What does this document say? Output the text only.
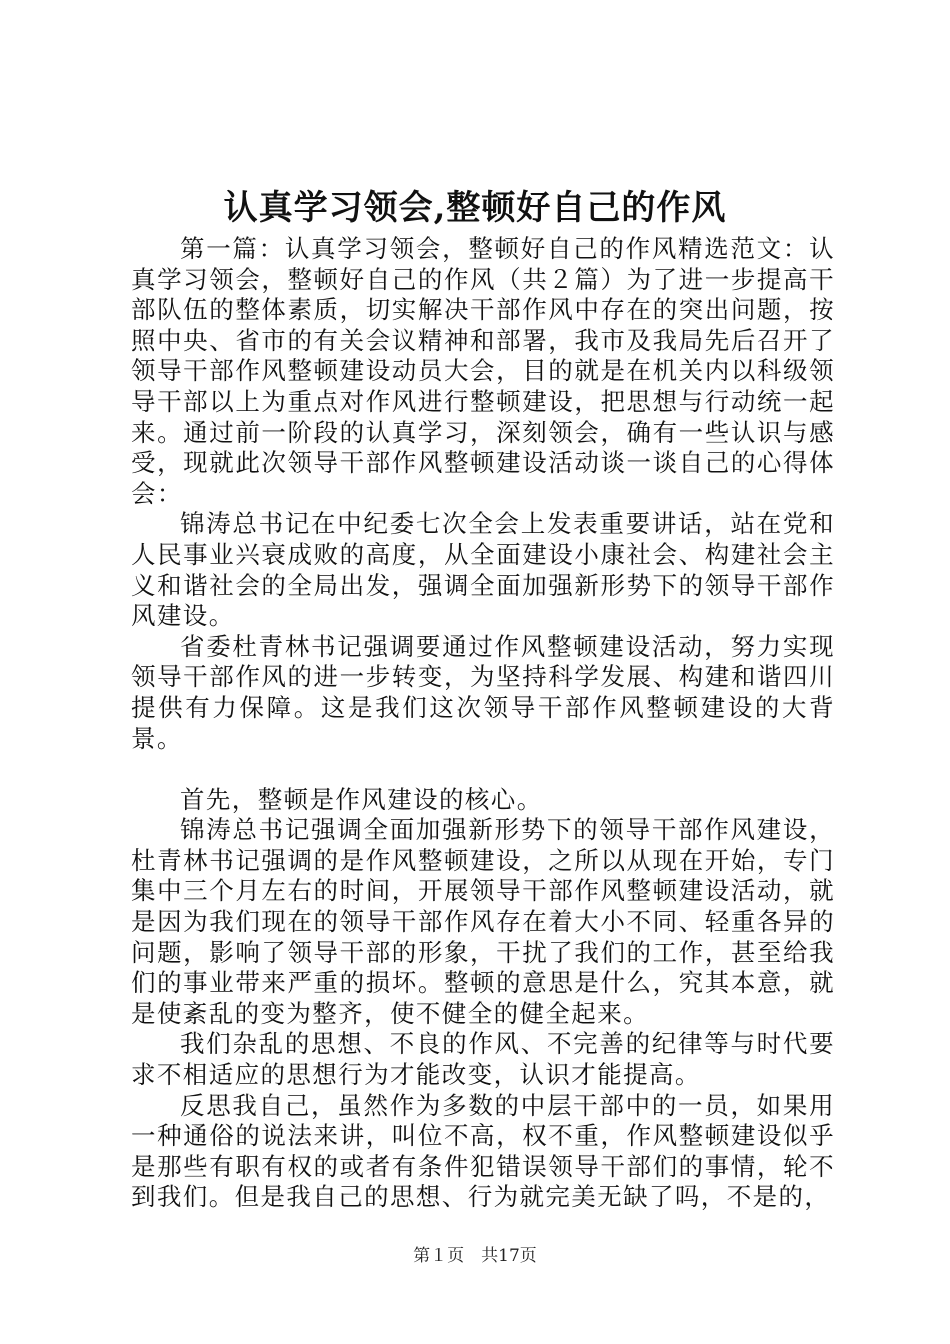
认真学习领会,整顿好自己的作风

第一篇：认真学习领会，整顿好自己的作风精选范文：认真学习领会，整顿好自己的作风（共２篇）为了进一步提高干部队伍的整体素质，切实解决干部作风中存在的突出问题，按照中央、省市的有关会议精神和部署，我市及我局先后召开了领导干部作风整顿建设动员大会，目的就是在机关内以科级领导干部以上为重点对作风进行整顿建设，把思想与行动统一起来。通过前一阶段的认真学习，深刻领会，确有一些认识与感受，现就此次领导干部作风整顿建设活动谈一谈自己的心得体会：

锦涛总书记在中纪委七次全会上发表重要讲话，站在党和人民事业兴衰成败的高度，从全面建设小康社会、构建社会主义和谐社会的全局出发，强调全面加强新形势下的领导干部作风建设。

省委杜青林书记强调要通过作风整顿建设活动，努力实现领导干部作风的进一步转变，为坚持科学发展、构建和谐四川提供有力保障。这是我们这次领导干部作风整顿建设的大背景。

首先，整顿是作风建设的核心。

锦涛总书记强调全面加强新形势下的领导干部作风建设，杜青林书记强调的是作风整顿建设，之所以从现在开始，专门集中三个月左右的时间，开展领导干部作风整顿建设活动，就是因为我们现在的领导干部作风存在着大小不同、轻重各异的问题，影响了领导干部的形象，干扰了我们的工作，甚至给我们的事业带来严重的损坏。整顿的意思是什么，究其本意，就是使紊乱的变为整齐，使不健全的健全起来。

我们杂乱的思想、不良的作风、不完善的纪律等与时代要求不相适应的思想行为才能改变，认识才能提高。

反思我自己，虽然作为多数的中层干部中的一员，如果用一种通俗的说法来讲，叫位不高，权不重，作风整顿建设似乎是那些有职有权的或者有条件犯错误领导干部们的事情，轮不到我们。但是我自己的思想、行为就完美无缺了吗，不是的，

第１页　共17页
